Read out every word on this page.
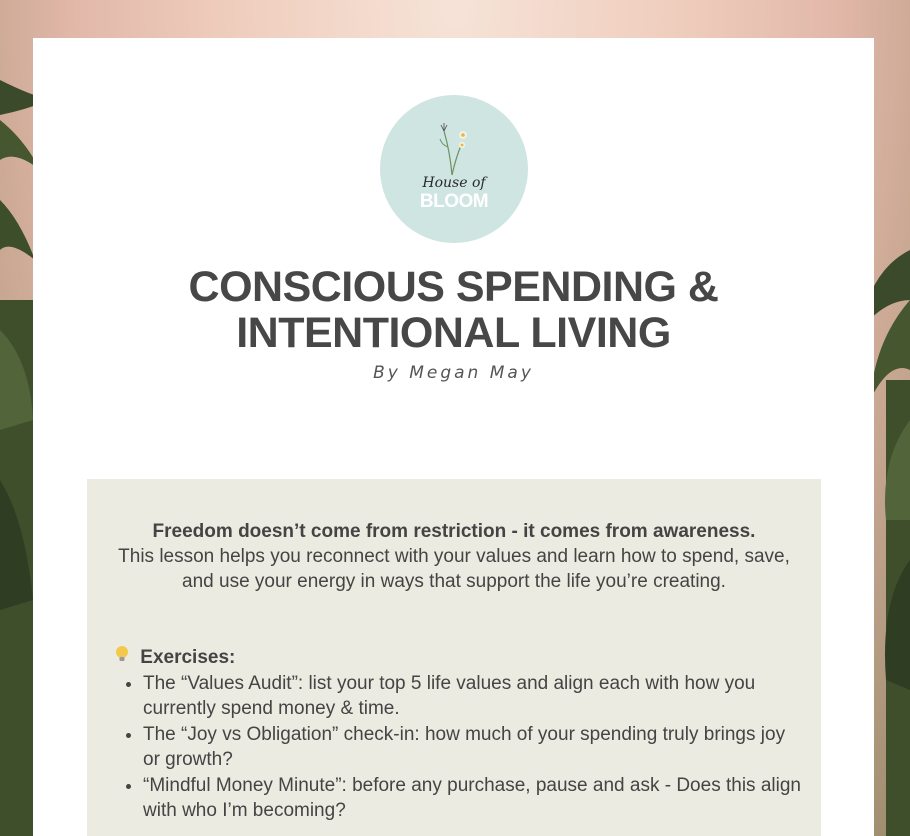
House of
BLOOM
CONSCIOUS SPENDING &
INTENTIONAL LIVING
By Megan May
Freedom doesn’t come from restriction - it comes from awareness.
This lesson helps you reconnect with your values and learn how to spend, save, and use your energy in ways that support the life you’re creating.
Exercises:
• The “Values Audit”: list your top 5 life values and align each with how you currently spend money & time.
• The “Joy vs Obligation” check-in: how much of your spending truly brings joy or growth?
• “Mindful Money Minute”: before any purchase, pause and ask - Does this align with who I’m becoming?
